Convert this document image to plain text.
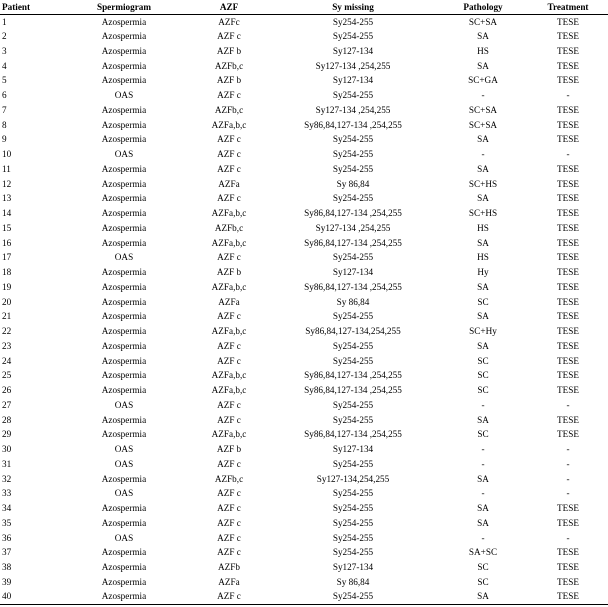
Patient	Spermiogram	AZF	Sy missing	Pathology	Treatment
1	Azospermia	AZFc	Sy254-255	SC+SA	TESE
2	Azospermia	AZF c	Sy254-255	SA	TESE
3	Azospermia	AZF b	Sy127-134	HS	TESE
4	Azospermia	AZFb,c	Sy127-134 ,254,255	SA	TESE
5	Azospermia	AZF b	Sy127-134	SC+GA	TESE
6	OAS	AZF c	Sy254-255	-	-
7	Azospermia	AZFb,c	Sy127-134 ,254,255	SC+SA	TESE
8	Azospermia	AZFa,b,c	Sy86,84,127-134 ,254,255	SC+SA	TESE
9	Azospermia	AZF c	Sy254-255	SA	TESE
10	OAS	AZF c	Sy254-255	-	-
11	Azospermia	AZF c	Sy254-255	SA	TESE
12	Azospermia	AZFa	Sy 86,84	SC+HS	TESE
13	Azospermia	AZF c	Sy254-255	SA	TESE
14	Azospermia	AZFa,b,c	Sy86,84,127-134 ,254,255	SC+HS	TESE
15	Azospermia	AZFb,c	Sy127-134 ,254,255	HS	TESE
16	Azospermia	AZFa,b,c	Sy86,84,127-134 ,254,255	SA	TESE
17	OAS	AZF c	Sy254-255	HS	TESE
18	Azospermia	AZF b	Sy127-134	Hy	TESE
19	Azospermia	AZFa,b,c	Sy86,84,127-134 ,254,255	SA	TESE
20	Azospermia	AZFa	Sy 86,84	SC	TESE
21	Azospermia	AZF c	Sy254-255	SA	TESE
22	Azospermia	AZFa,b,c	Sy86,84,127-134,254,255	SC+Hy	TESE
23	Azospermia	AZF c	Sy254-255	SA	TESE
24	Azospermia	AZF c	Sy254-255	SC	TESE
25	Azospermia	AZFa,b,c	Sy86,84,127-134 ,254,255	SC	TESE
26	Azospermia	AZFa,b,c	Sy86,84,127-134 ,254,255	SC	TESE
27	OAS	AZF c	Sy254-255	-	-
28	Azospermia	AZF c	Sy254-255	SA	TESE
29	Azospermia	AZFa,b,c	Sy86,84,127-134 ,254,255	SC	TESE
30	OAS	AZF b	Sy127-134	-	-
31	OAS	AZF c	Sy254-255	-	-
32	Azospermia	AZFb,c	Sy127-134,254,255	SA	-
33	OAS	AZF c	Sy254-255	-	-
34	Azospermia	AZF c	Sy254-255	SA	TESE
35	Azospermia	AZF c	Sy254-255	SA	TESE
36	OAS	AZF c	Sy254-255	-	-
37	Azospermia	AZF c	Sy254-255	SA+SC	TESE
38	Azospermia	AZFb	Sy127-134	SC	TESE
39	Azospermia	AZFa	Sy 86,84	SC	TESE
40	Azospermia	AZF c	Sy254-255	SA	TESE
